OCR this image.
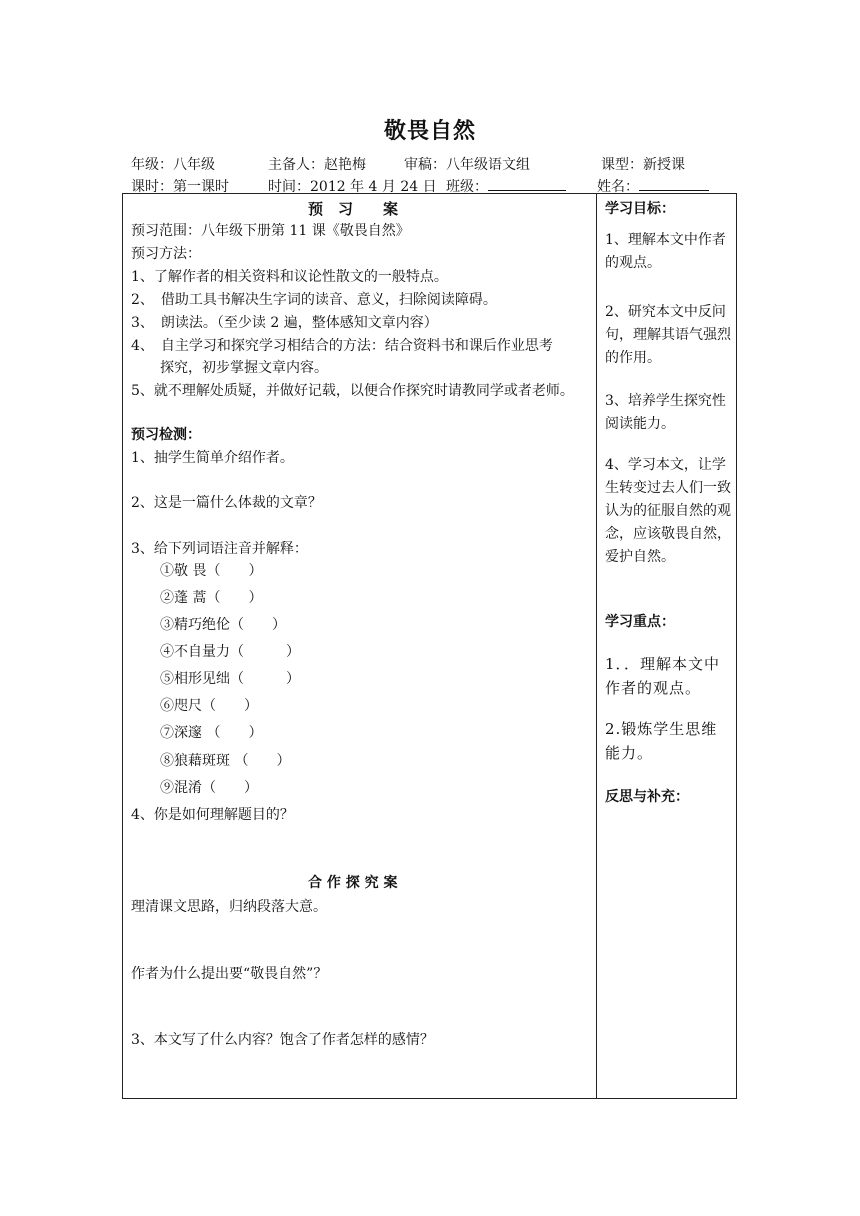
敬畏自然
年级：八年级	主备人：赵艳梅	审稿：八年级语文组	课型：新授课
课时：第一课时	时间：2012 年 4 月 24 日 班级：	姓名：
预　习　　案
预习范围：八年级下册第 11 课《敬畏自然》
预习方法：
1、了解作者的相关资料和议论性散文的一般特点。
2、　借助工具书解决生字词的读音、意义，扫除阅读障碍。
3、　朗读法。（至少读 2 遍，整体感知文章内容）
4、　自主学习和探究学习相结合的方法：结合资料书和课后作业思考
探究，初步掌握文章内容。
5、就不理解处质疑，并做好记载，以便合作探究时请教同学或者老师。
预习检测：
1、抽学生简单介绍作者。
2、这是一篇什么体裁的文章？
3、给下列词语注音并解释：
①敬 畏（　　）
②蓬 蒿（　　）
③精巧绝伦（　　）
④不自量力（　　　）
⑤相形见绌（　　　）
⑥咫尺（　　）
⑦深邃 （　　）
⑧狼藉斑斑 （　　）
⑨混淆（　　）
4、你是如何理解题目的？
合 作 探 究 案
理清课文思路，归纳段落大意。
作者为什么提出要“敬畏自然”？
3、本文写了什么内容？饱含了作者怎样的感情？
学习目标：
1、理解本文中作者的观点。
2、研究本文中反问句，理解其语气强烈的作用。
3、培养学生探究性阅读能力。
4、学习本文，让学生转变过去人们一致认为的征服自然的观念，应该敬畏自然，爱护自然。
学习重点：
1．．理解本文中作者的观点。
2.锻炼学生思维能力。
反思与补充：
